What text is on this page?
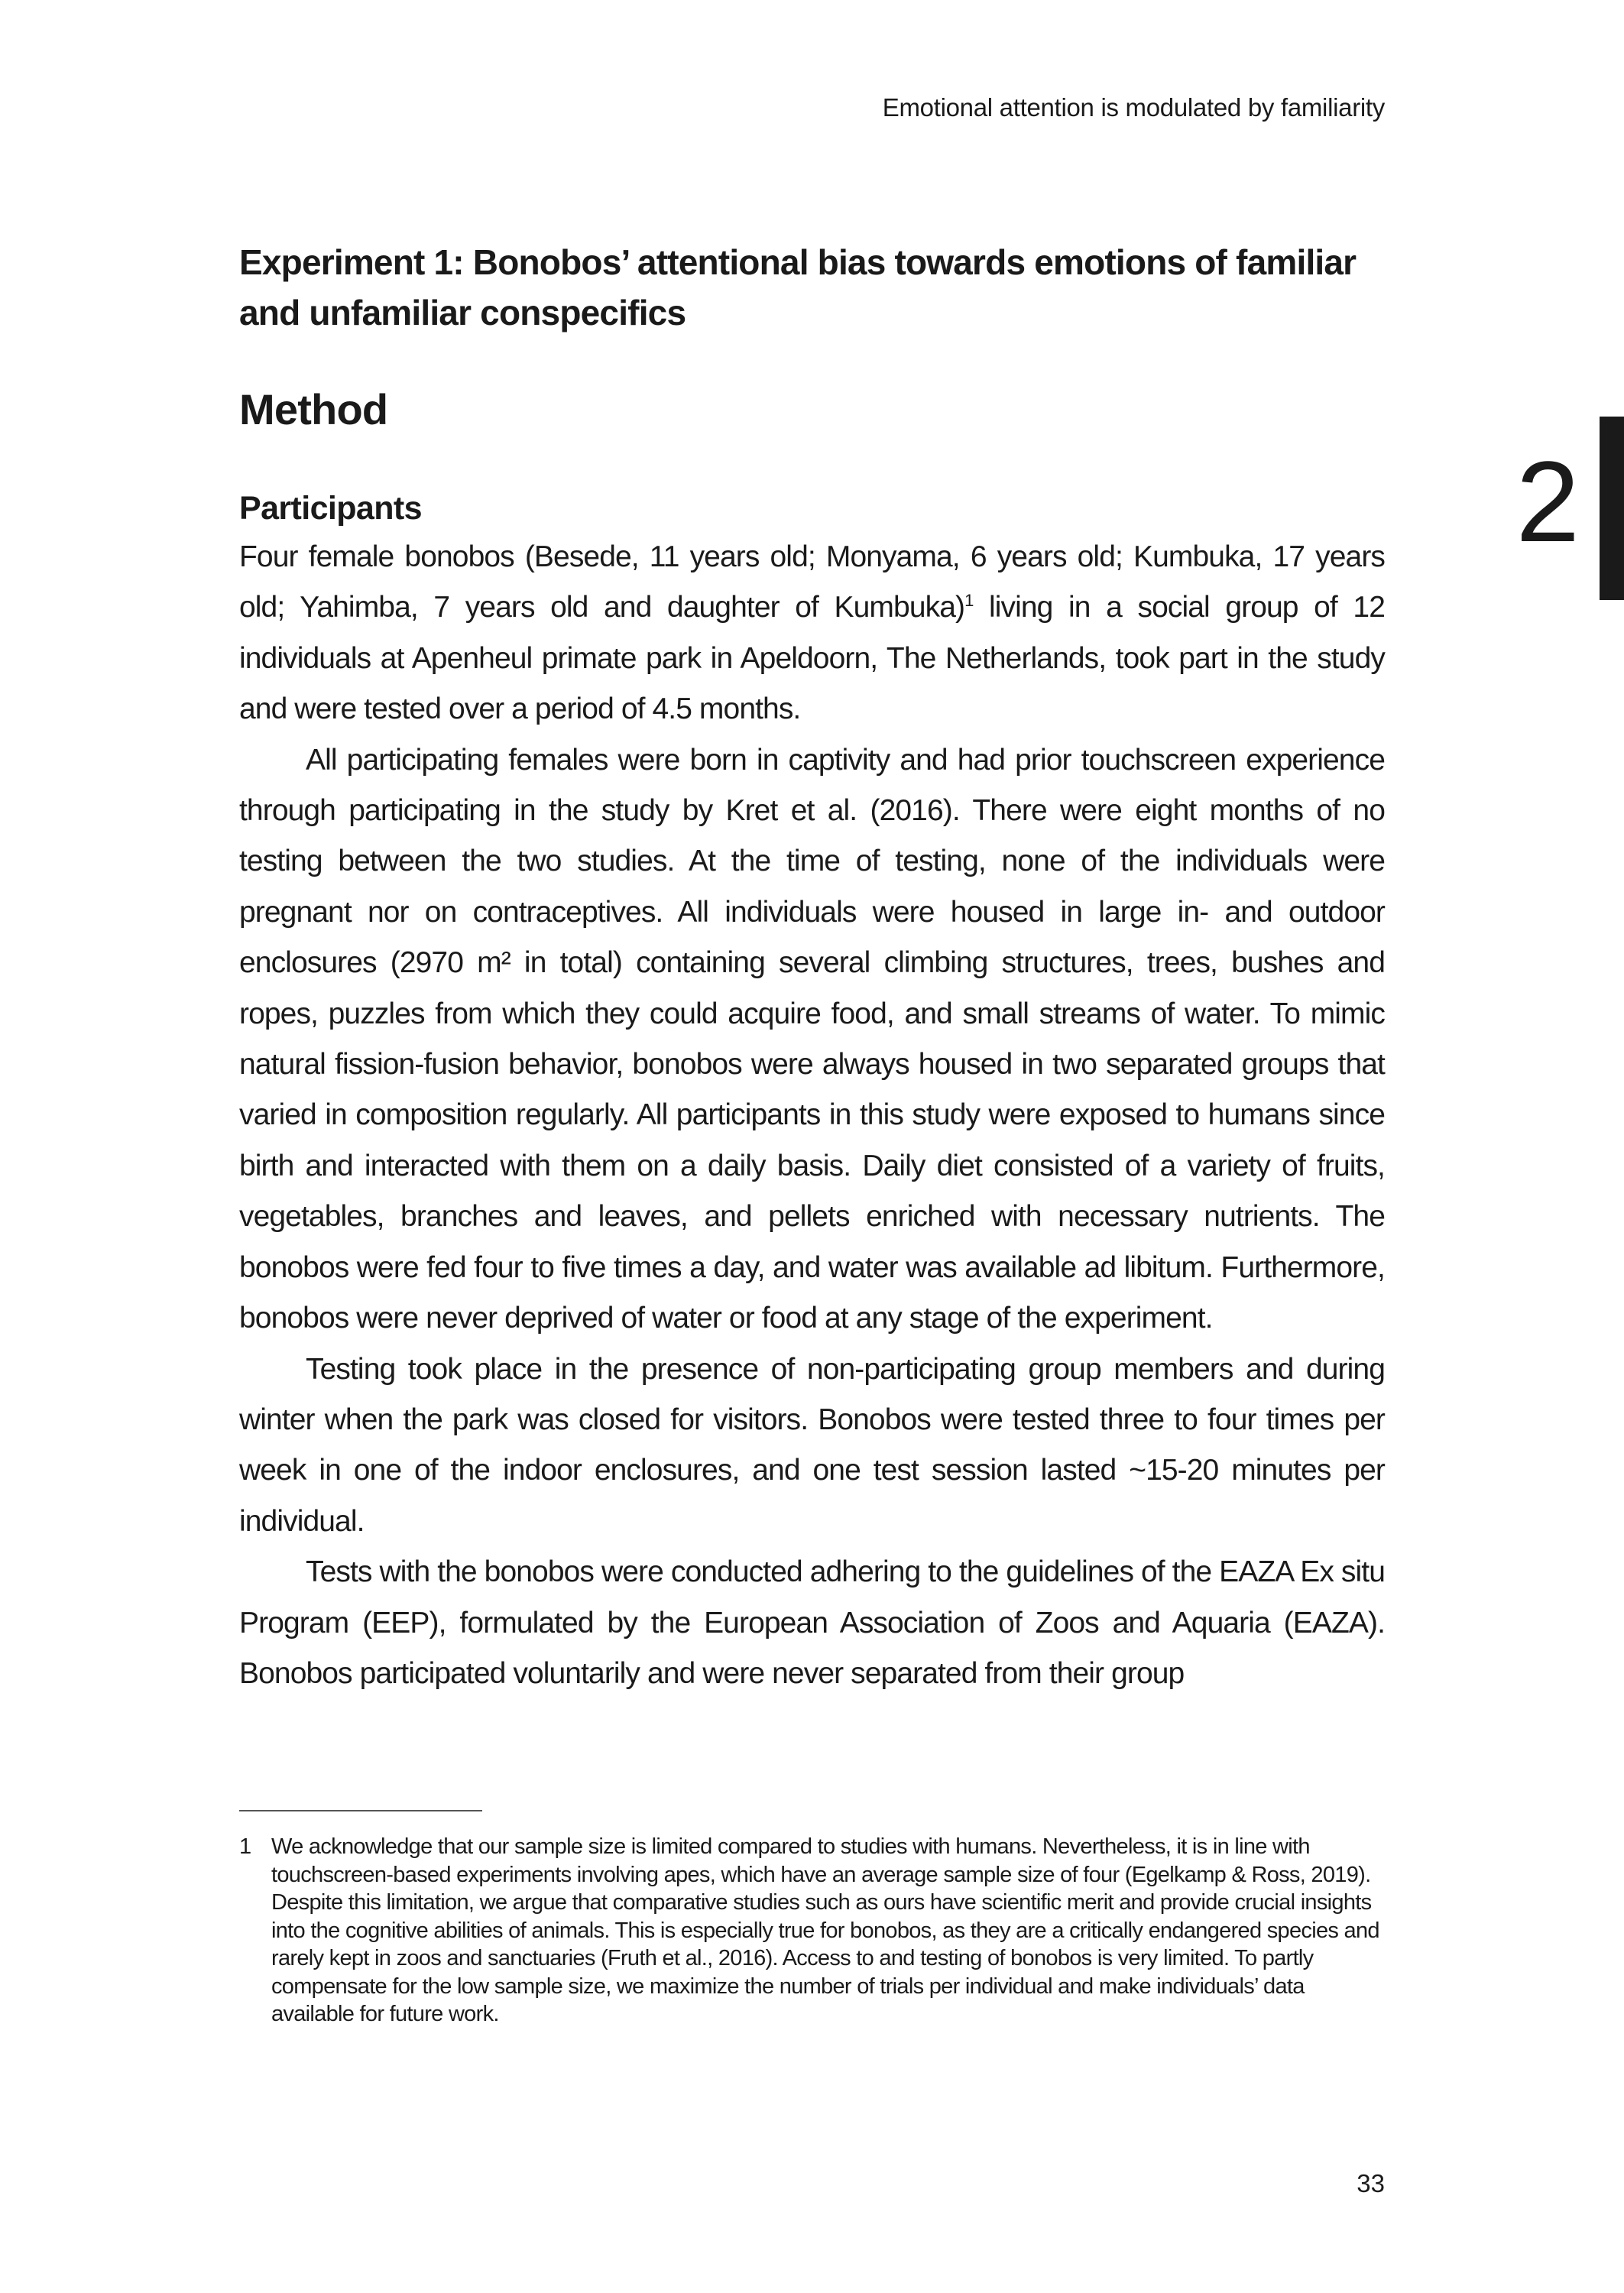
Emotional attention is modulated by familiarity
2
Experiment 1: Bonobos’ attentional bias towards emotions of familiar and unfamiliar conspecifics
Method
Participants

Four female bonobos (Besede, 11 years old; Monyama, 6 years old; Kumbuka, 17 years old; Yahimba, 7 years old and daughter of Kumbuka)$^1$ living in a social group of 12 individuals at Apenheul primate park in Apeldoorn, The Netherlands, took part in the study and were tested over a period of 4.5 months.

All participating females were born in captivity and had prior touchscreen experience through participating in the study by Kret et al. (2016). There were eight months of no testing between the two studies. At the time of testing, none of the individuals were pregnant nor on contraceptives. All individuals were housed in large in- and outdoor enclosures (2970 m² in total) containing several climbing structures, trees, bushes and ropes, puzzles from which they could acquire food, and small streams of water. To mimic natural fission-fusion behavior, bonobos were always housed in two separated groups that varied in composition regularly. All participants in this study were exposed to humans since birth and interacted with them on a daily basis. Daily diet consisted of a variety of fruits, vegetables, branches and leaves, and pellets enriched with necessary nutrients. The bonobos were fed four to five times a day, and water was available ad libitum. Furthermore, bonobos were never deprived of water or food at any stage of the experiment.

Testing took place in the presence of non-participating group members and during winter when the park was closed for visitors. Bonobos were tested three to four times per week in one of the indoor enclosures, and one test session lasted ~15-20 minutes per individual.

Tests with the bonobos were conducted adhering to the guidelines of the EAZA Ex situ Program (EEP), formulated by the European Association of Zoos and Aquaria (EAZA). Bonobos participated voluntarily and were never separated from their group

1 We acknowledge that our sample size is limited compared to studies with humans. Nevertheless, it is in line with touchscreen-based experiments involving apes, which have an average sample size of four (Egelkamp & Ross, 2019). Despite this limitation, we argue that comparative studies such as ours have scientific merit and provide crucial insights into the cognitive abilities of animals. This is especially true for bonobos, as they are a critically endangered species and rarely kept in zoos and sanctuaries (Fruth et al., 2016). Access to and testing of bonobos is very limited. To partly compensate for the low sample size, we maximize the number of trials per individual and make individuals’ data available for future work.
33
